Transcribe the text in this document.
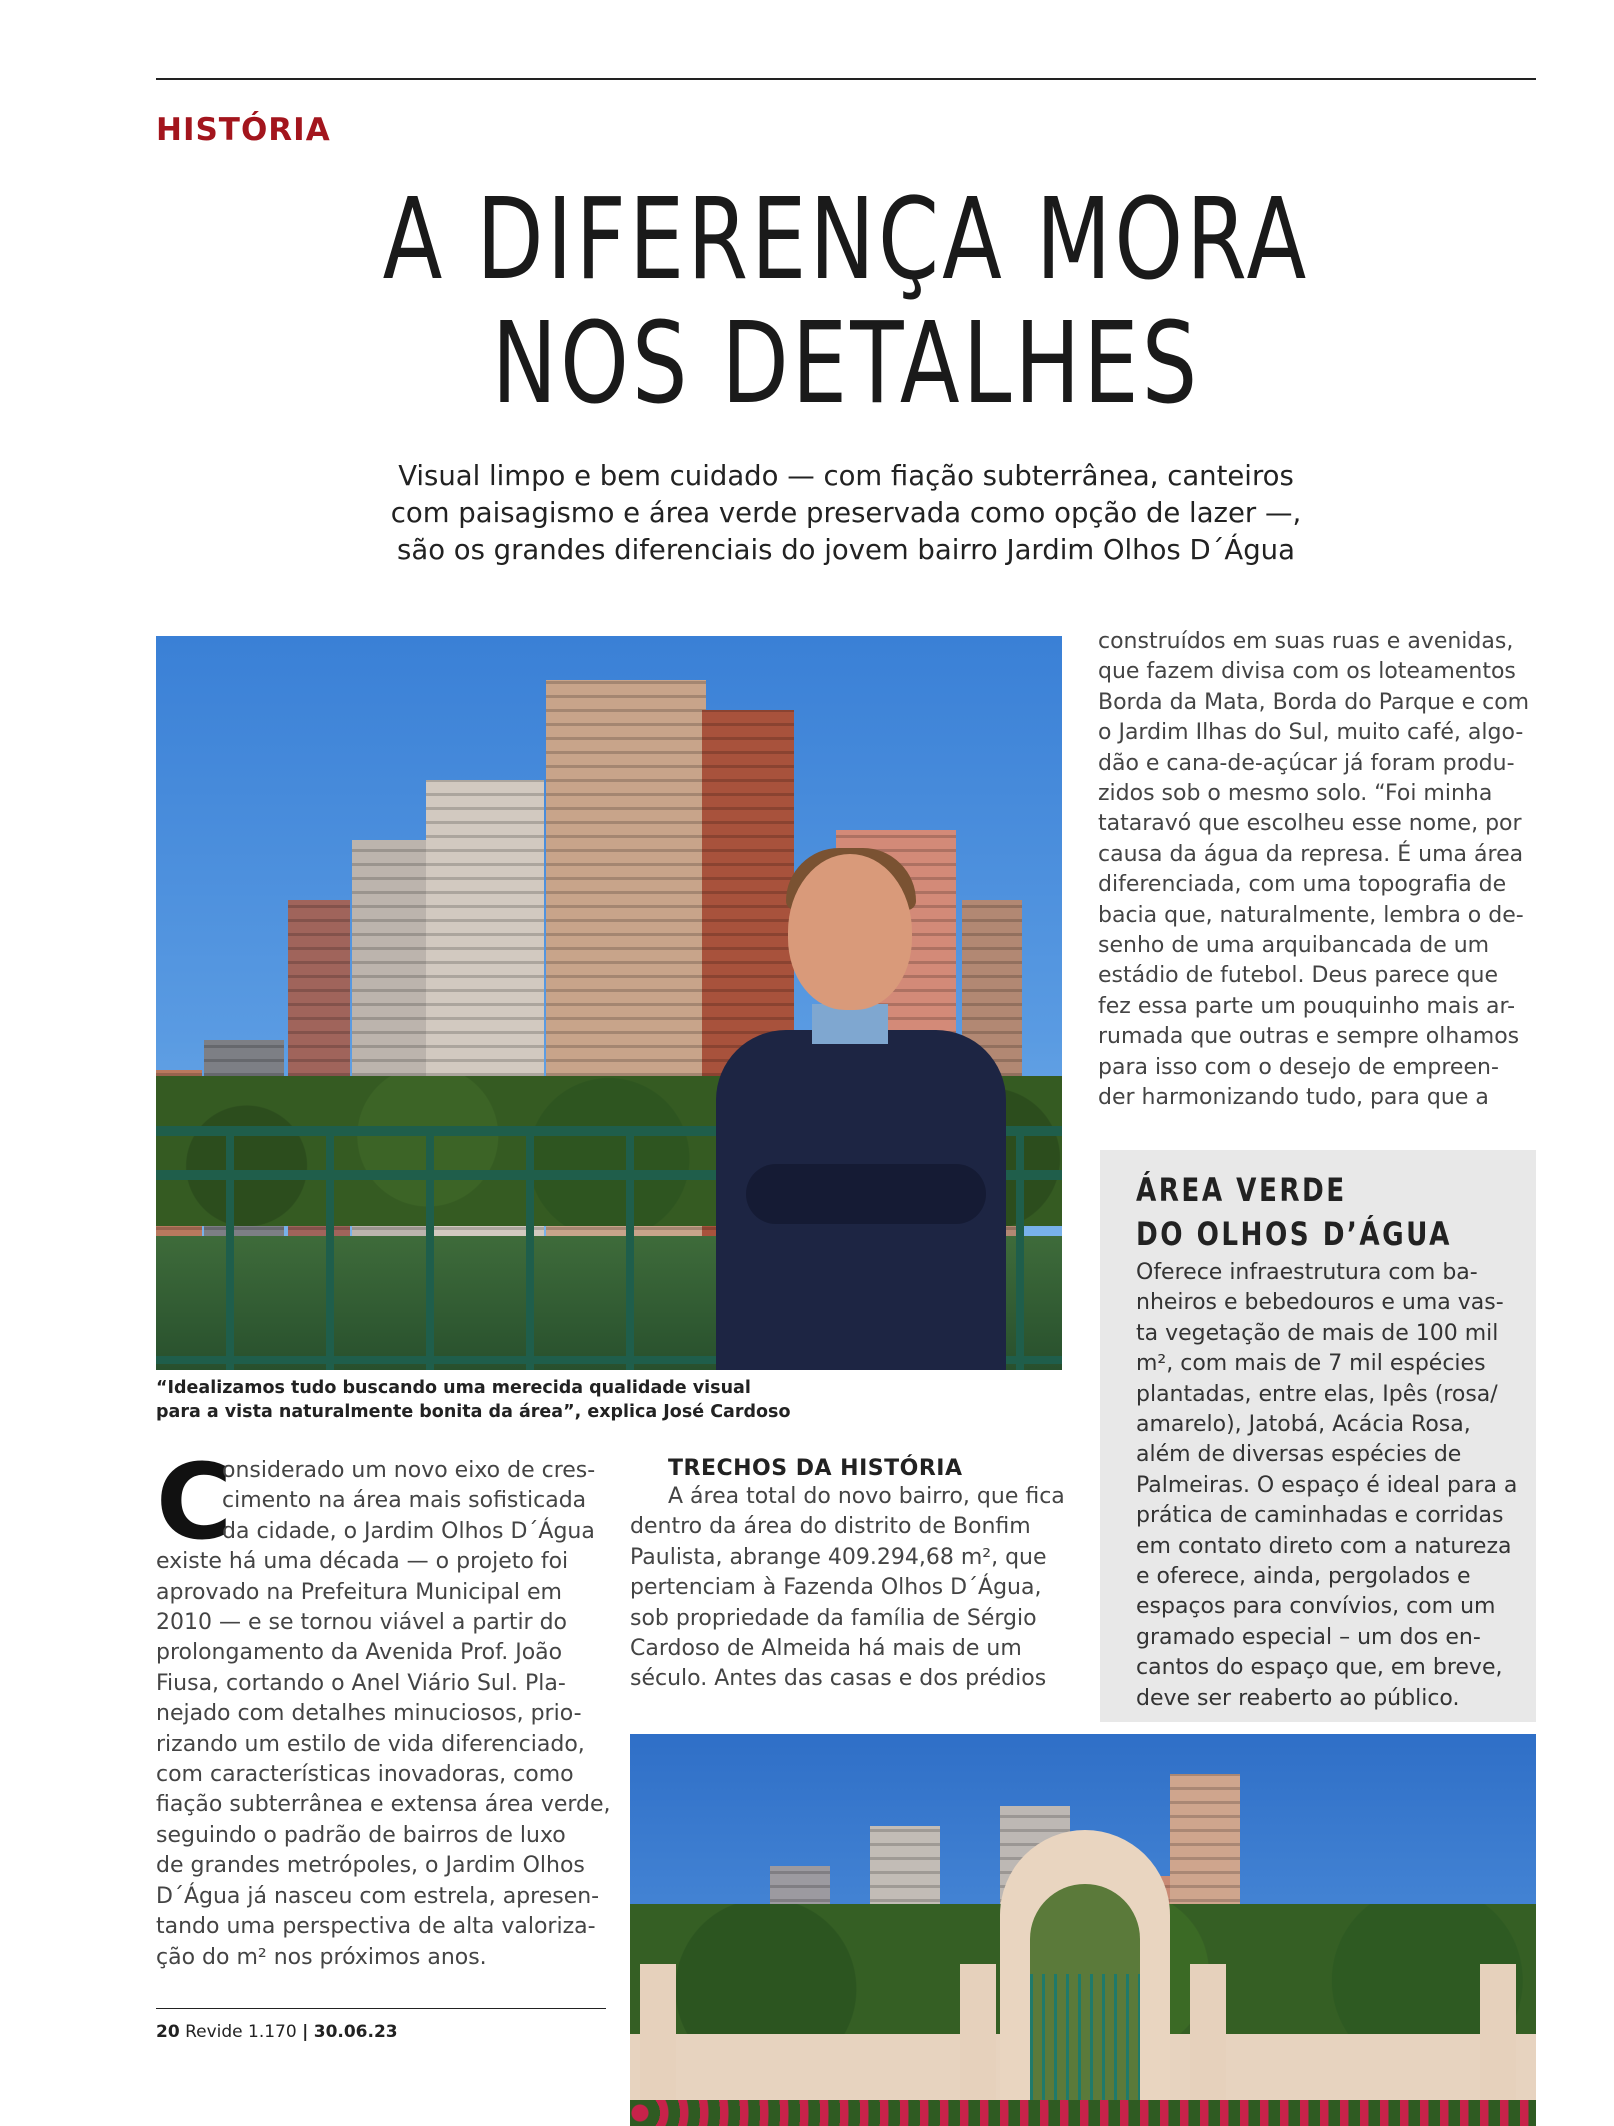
HISTÓRIA
A DIFERENÇA MORA
NOS DETALHES
Visual limpo e bem cuidado — com fiação subterrânea, canteiros
com paisagismo e área verde preservada como opção de lazer —,
são os grandes diferenciais do jovem bairro Jardim Olhos D´Água
“Idealizamos tudo buscando uma merecida qualidade visual
para a vista naturalmente bonita da área”, explica José Cardoso
C
onsiderado um novo eixo de cres-
cimento na área mais sofisticada
da cidade, o Jardim Olhos D´Água
existe há uma década — o projeto foi
aprovado na Prefeitura Municipal em
2010 — e se tornou viável a partir do
prolongamento da Avenida Prof. João
Fiusa, cortando o Anel Viário Sul. Pla-
nejado com detalhes minuciosos, prio-
rizando um estilo de vida diferenciado,
com características inovadoras, como
fiação subterrânea e extensa área verde,
seguindo o padrão de bairros de luxo
de grandes metrópoles, o Jardim Olhos
D´Água já nasceu com estrela, apresen-
tando uma perspectiva de alta valoriza-
ção do m² nos próximos anos.
TRECHOS DA HISTÓRIA
A área total do novo bairro, que fica
dentro da área do distrito de Bonfim
Paulista, abrange 409.294,68 m², que
pertenciam à Fazenda Olhos D´Água,
sob propriedade da família de Sérgio
Cardoso de Almeida há mais de um
século. Antes das casas e dos prédios
construídos em suas ruas e avenidas,
que fazem divisa com os loteamentos
Borda da Mata, Borda do Parque e com
o Jardim Ilhas do Sul, muito café, algo-
dão e cana-de-açúcar já foram produ-
zidos sob o mesmo solo. “Foi minha
tataravó que escolheu esse nome, por
causa da água da represa. É uma área
diferenciada, com uma topografia de
bacia que, naturalmente, lembra o de-
senho de uma arquibancada de um
estádio de futebol. Deus parece que
fez essa parte um pouquinho mais ar-
rumada que outras e sempre olhamos
para isso com o desejo de empreen-
der harmonizando tudo, para que a
ÁREA VERDE
DO OLHOS D’ÁGUA
Oferece infraestrutura com ba-
nheiros e bebedouros e uma vas-
ta vegetação de mais de 100 mil
m², com mais de 7 mil espécies
plantadas, entre elas, Ipês (rosa/
amarelo), Jatobá, Acácia Rosa,
além de diversas espécies de
Palmeiras. O espaço é ideal para a
prática de caminhadas e corridas
em contato direto com a natureza
e oferece, ainda, pergolados e
espaços para convívios, com um
gramado especial – um dos en-
cantos do espaço que, em breve,
deve ser reaberto ao público.
20 Revide 1.170 | 30.06.23
